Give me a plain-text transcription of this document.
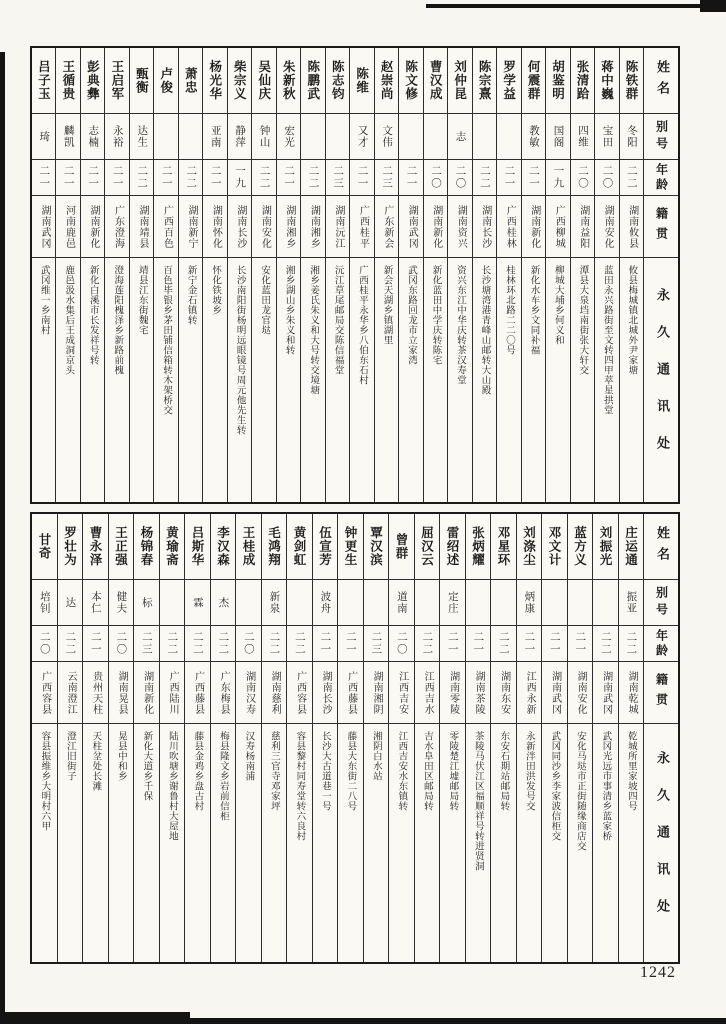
姓名
别号
年龄
籍贯
永久通讯处
陈铁群
冬阳
二二
湖南攸县
攸县梅城镇北城外尹家塘
蒋中巍
宝田
二〇
湖南安化
蓝田永兴路街至文转四甲萃星拱堂
张清跲
四维
二〇
湖南益阳
潭县大泉垱南街张大轩交
胡鉴明
国阁
一九
广西柳城
柳城大埔乡何义和
何震群
教敏
二一
湖南新化
新化水车乡文同补福
罗学益
二一
广西桂林
桂林环北路二二〇号
陈宗熹
二二
湖南长沙
长沙塘湾港青峰山邮转大山殿
刘仲昆
志
二〇
湖南资兴
资兴东江中华庆转茶汉寿堂
曹汉成
二〇
湖南新化
新化蓝田中学庆转陈宅
陈文修
二一
湖南武冈
武冈东路回龙市立家湾
赵崇尚
文伟
二三
广东新会
新会天湖乡镇湖里
陈维
又才
二一
广西桂平
广西桂平永华乡八伯东石村
陈志钧
二三
湖南沅江
沅江草尾邮局交陈信福堂
陈鹏武
二二
湖南湘乡
湘乡姜氏朱义和大号转交境塘
朱新秋
宏光
二一
湖南湘乡
湘乡湖山乡朱义和转
吴仙庆
钟山
二二
湖南安化
安化蓝田龙官垯
柴宗义
静萍
一九
湖南长沙
长沙南阳街杨明远眼镜号周元他先生转
杨光华
亚南
二一
湖南怀化
怀化铁坡乡
萧忠
二二
湖南新宁
新宁金石镇转
卢俊
二一
广西百色
百色毕银乡茅田铺信箱转木架桥交
甄衡
达生
二二
湖南靖县
靖县江东街魏宅
王启军
永裕
二一
广东澄海
澄海莲阳槐泽乡新路前槐
彭典彝
志楠
二一
湖南新化
新化白溪市长发祥号转
王循贵
麟凯
二一
河南鹿邑
鹿邑汲水集后王成洞京头
吕子玉
琦
二一
湖南武冈
武冈维一乡南村
姓名
别号
年龄
籍贯
永久通讯处
庄运通
振亚
二二
湖南乾城
乾城所里家坡四号
刘振光
二二
湖南武冈
武冈光远市事清乡蓝家桥
蓝方义
二一
湖南安化
安化马垯市正街随缘商店交
邓文计
二一
湖南武冈
武冈同沙乡李家波信柜交
刘涤尘
炳康
二一
江西永新
永新泮田洪发号交
邓星环
二二
湖南东安
东安石期站邮局转
张炳耀
二一
湖南茶陵
茶陵马伏江区福顺祥号转进贤洞
雷绍述
定庄
二一
湖南零陵
零陵楚江墟邮局转
屈汉云
二二
江西吉水
吉水阜田区邮局转
曾群
道南
二〇
江西吉安
江西吉安水东镇转
覃汉滨
二三
湖南湘阴
湘阴白水站
钟更生
二一
广西藤县
藤县大东街二八号
伍宣芳
波舟
二一
湖南长沙
长沙大古道巷一号
黄剑虹
二二
广西容县
容县黎村同寿堂转六良村
毛鸿翔
新泉
二二
湖南慈利
慈利三官寺邓家坪
王桂成
二〇
湖南汉寿
汉寿杨南浦
李汉森
杰
二二
广东梅县
梅县隆文乡岩前信柜
吕斯华
霖
二二
广西藤县
藤县金鸡乡盘古村
黄瑜斋
二二
广西陆川
陆川吹塘乡谢鲁村大屋地
杨锦春
标
二三
湖南新化
新化大道乡千保
王正强
健夫
二〇
湖南晃县
晃县中和乡
曹永泽
本仁
二一
贵州天柱
天柱坌处长滩
罗壮为
达
二二
云南澄江
澄江旧街子
甘奇
培钊
二〇
广西容县
容县振维乡大明村六甲
1242
